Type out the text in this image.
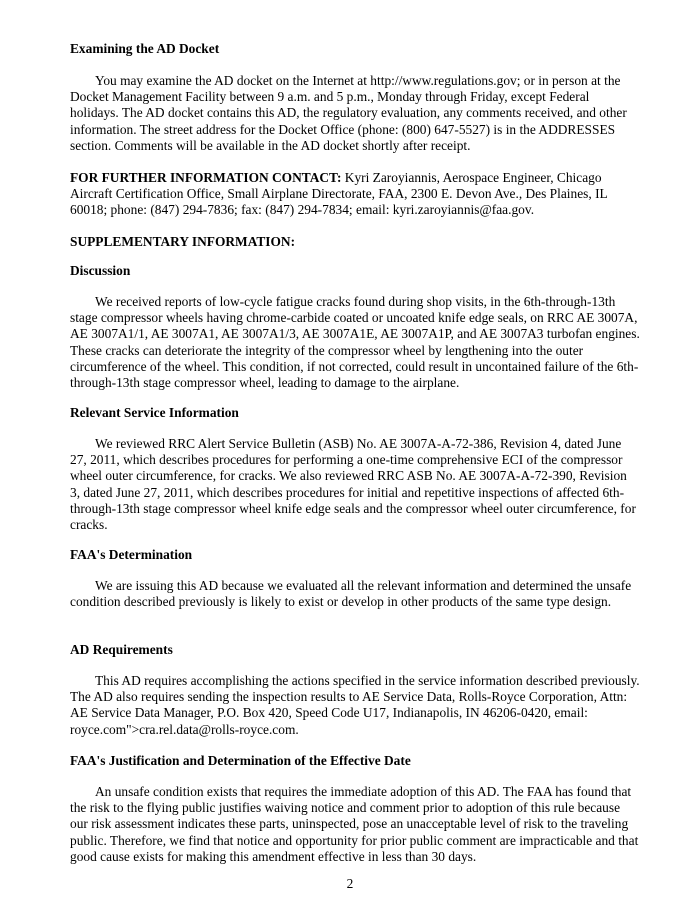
Examining the AD Docket

You may examine the AD docket on the Internet at http://www.regulations.gov; or in person at the Docket Management Facility between 9 a.m. and 5 p.m., Monday through Friday, except Federal holidays. The AD docket contains this AD, the regulatory evaluation, any comments received, and other information. The street address for the Docket Office (phone: (800) 647-5527) is in the ADDRESSES section. Comments will be available in the AD docket shortly after receipt.

FOR FURTHER INFORMATION CONTACT: Kyri Zaroyiannis, Aerospace Engineer, Chicago Aircraft Certification Office, Small Airplane Directorate, FAA, 2300 E. Devon Ave., Des Plaines, IL 60018; phone: (847) 294-7836; fax: (847) 294-7834; email: kyri.zaroyiannis@faa.gov.

SUPPLEMENTARY INFORMATION:

Discussion

We received reports of low-cycle fatigue cracks found during shop visits, in the 6th-through-13th stage compressor wheels having chrome-carbide coated or uncoated knife edge seals, on RRC AE 3007A, AE 3007A1/1, AE 3007A1, AE 3007A1/3, AE 3007A1E, AE 3007A1P, and AE 3007A3 turbofan engines. These cracks can deteriorate the integrity of the compressor wheel by lengthening into the outer circumference of the wheel. This condition, if not corrected, could result in uncontained failure of the 6th-through-13th stage compressor wheel, leading to damage to the airplane.

Relevant Service Information

We reviewed RRC Alert Service Bulletin (ASB) No. AE 3007A-A-72-386, Revision 4, dated June 27, 2011, which describes procedures for performing a one-time comprehensive ECI of the compressor wheel outer circumference, for cracks. We also reviewed RRC ASB No. AE 3007A-A-72-390, Revision 3, dated June 27, 2011, which describes procedures for initial and repetitive inspections of affected 6th-through-13th stage compressor wheel knife edge seals and the compressor wheel outer circumference, for cracks.

FAA's Determination

We are issuing this AD because we evaluated all the relevant information and determined the unsafe condition described previously is likely to exist or develop in other products of the same type design.

AD Requirements

This AD requires accomplishing the actions specified in the service information described previously. The AD also requires sending the inspection results to AE Service Data, Rolls-Royce Corporation, Attn: AE Service Data Manager, P.O. Box 420, Speed Code U17, Indianapolis, IN 46206-0420, email: royce.com">cra.rel.data@rolls-royce.com.

FAA's Justification and Determination of the Effective Date

An unsafe condition exists that requires the immediate adoption of this AD. The FAA has found that the risk to the flying public justifies waiving notice and comment prior to adoption of this rule because our risk assessment indicates these parts, uninspected, pose an unacceptable level of risk to the traveling public. Therefore, we find that notice and opportunity for prior public comment are impracticable and that good cause exists for making this amendment effective in less than 30 days.

2
